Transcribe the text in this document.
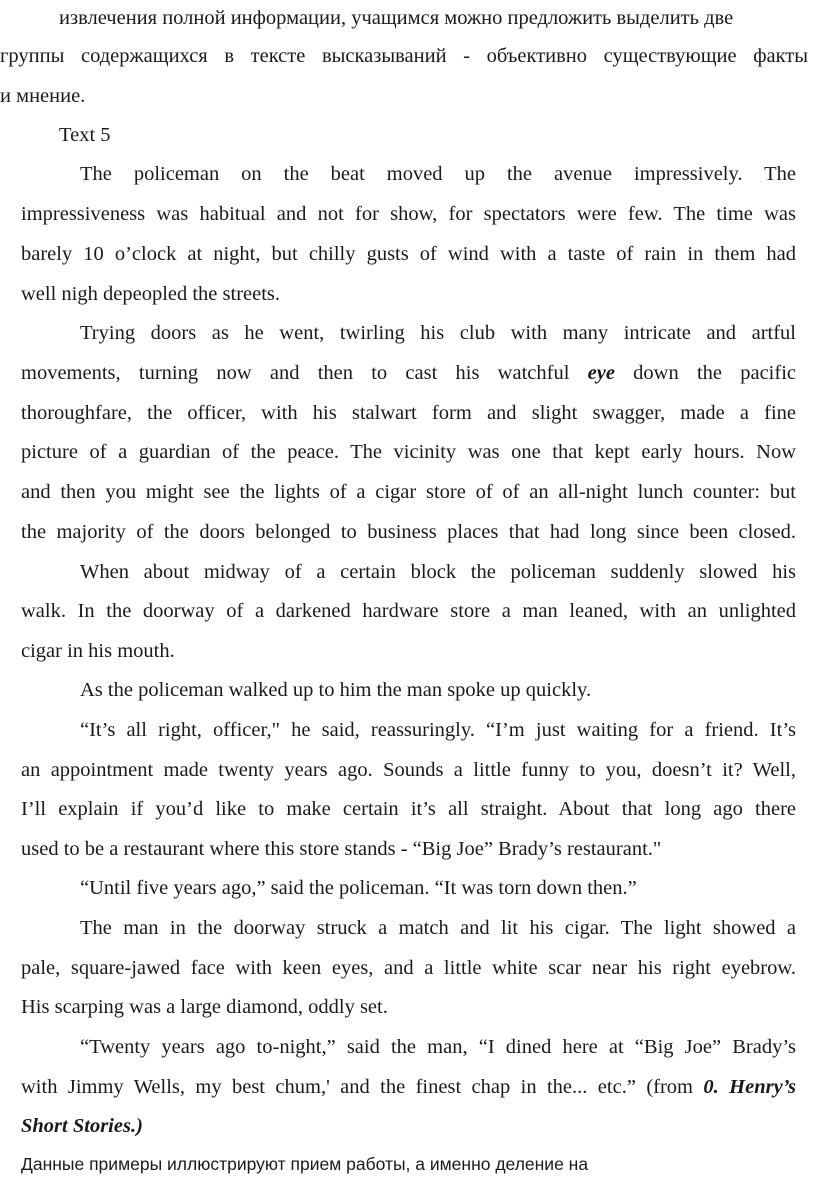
извлечения полной информации, учащимся можно предложить выделить две
группы содержащихся в тексте высказываний - объективно существующие факты
и мнение.
Text 5
The policeman on the beat moved up the avenue impressively. The
impressiveness was habitual and not for show, for spectators were few. The time was
barely 10 o’clock at night, but chilly gusts of wind with a taste of rain in them had
well nigh depeopled the streets.
Trying doors as he went, twirling his club with many intricate and artful
movements, turning now and then to cast his watchful eye down the pacific
thoroughfare, the officer, with his stalwart form and slight swagger, made a fine
picture of a guardian of the peace. The vicinity was one that kept early hours. Now
and then you might see the lights of a cigar store of of an all-night lunch counter: but
the majority of the doors belonged to business places that had long since been closed.
When about midway of a certain block the policeman suddenly slowed his
walk. In the doorway of a darkened hardware store a man leaned, with an unlighted
cigar in his mouth.
As the policeman walked up to him the man spoke up quickly.
“It’s all right, officer," he said, reassuringly. “I’m just waiting for a friend. It’s
an appointment made twenty years ago. Sounds a little funny to you, doesn’t it? Well,
I’ll explain if you’d like to make certain it’s all straight. About that long ago there
used to be a restaurant where this store stands - “Big Joe” Brady’s restaurant."
“Until five years ago,” said the policeman. “It was torn down then.”
The man in the doorway struck a match and lit his cigar. The light showed a
pale, square-jawed face with keen eyes, and a little white scar near his right eyebrow.
His scarping was a large diamond, oddly set.
“Twenty years ago to-night,” said the man, “I dined here at “Big Joe” Brady’s
with Jimmy Wells, my best chum,' and the finest chap in the... etc.” (from 0. Henry’s
Short Stories.)
Данные примеры иллюстрируют прием работы, а именно деление на
